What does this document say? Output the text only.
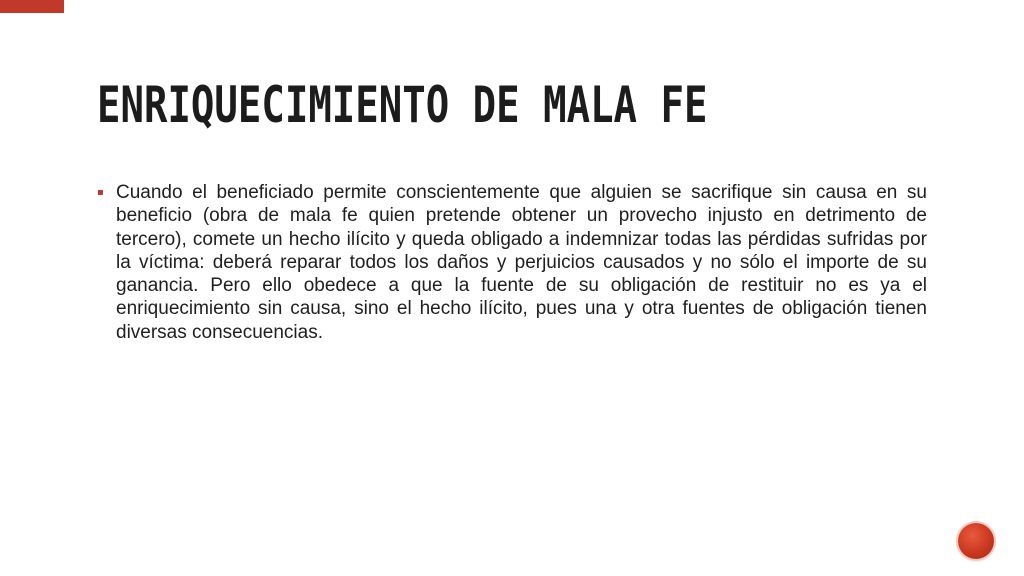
ENRIQUECIMIENTO DE MALA FE
▪ Cuando el beneficiado permite conscientemente que alguien se sacrifique sin causa en su beneficio (obra de mala fe quien pretende obtener un provecho injusto en detrimento de tercero), comete un hecho ilícito y queda obligado a indemnizar todas las pérdidas sufridas por la víctima: deberá reparar todos los daños y perjuicios causados y no sólo el importe de su ganancia. Pero ello obedece a que la fuente de su obligación de restituir no es ya el enriquecimiento sin causa, sino el hecho ilícito, pues una y otra fuentes de obligación tienen diversas consecuencias.
